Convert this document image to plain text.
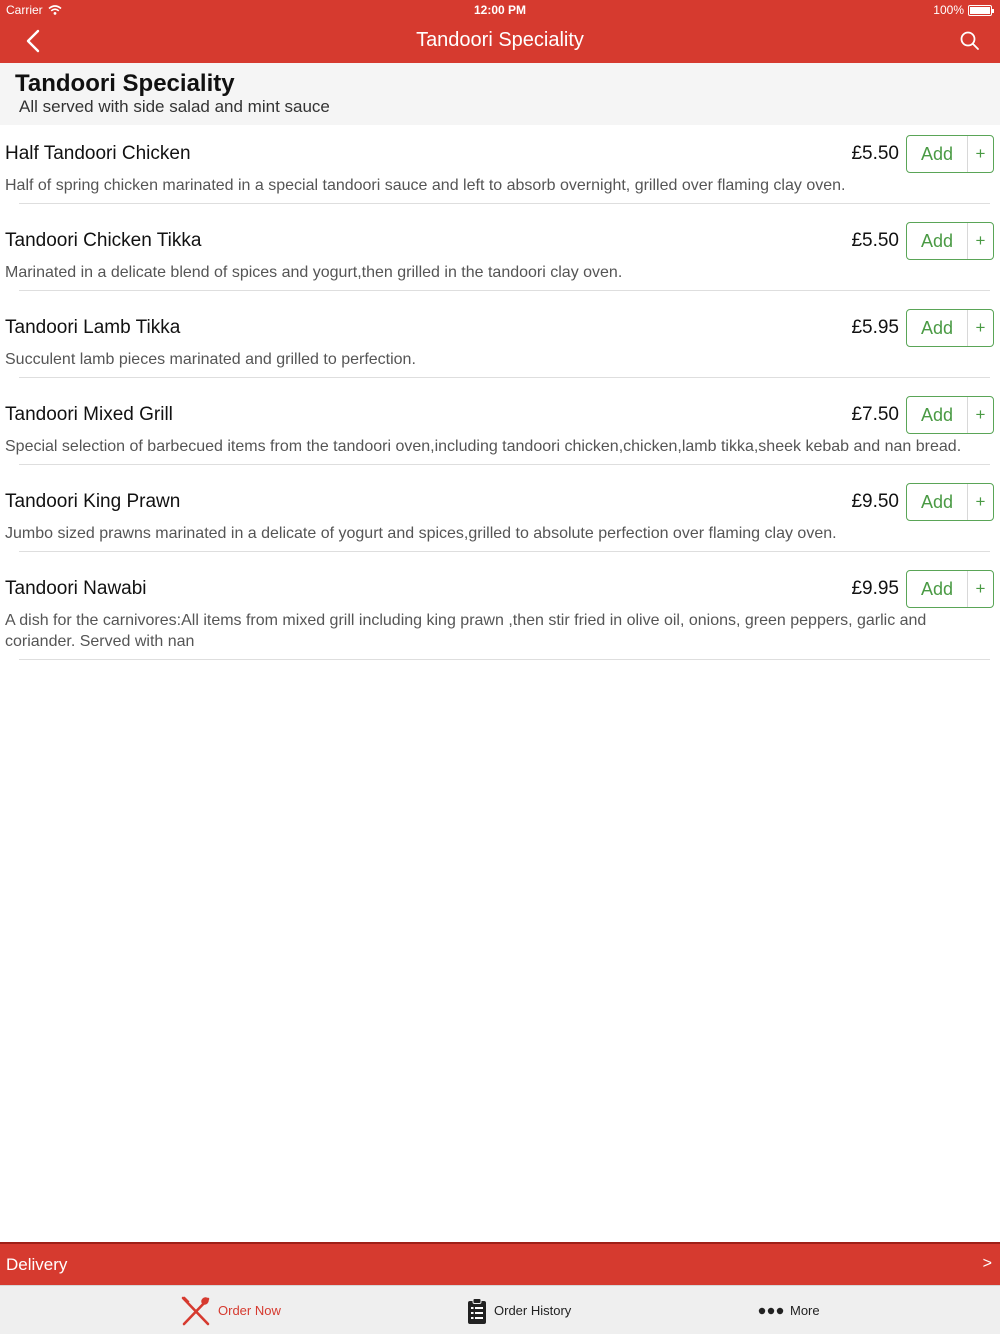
Carrier	12:00 PM	100%
Tandoori Speciality
Tandoori Speciality
All served with side salad and mint sauce
Half Tandoori Chicken	£5.50	Add	+
Half of spring chicken marinated in a special tandoori sauce and left to absorb overnight, grilled over flaming clay oven.
Tandoori Chicken Tikka	£5.50	Add	+
Marinated in a delicate blend of spices and yogurt,then grilled in the tandoori clay oven.
Tandoori Lamb Tikka	£5.95	Add	+
Succulent lamb pieces marinated and grilled to perfection.
Tandoori Mixed Grill	£7.50	Add	+
Special selection of barbecued items from the tandoori oven,including tandoori chicken,chicken,lamb tikka,sheek kebab and nan bread.
Tandoori King Prawn	£9.50	Add	+
Jumbo sized prawns marinated in a delicate of yogurt and spices,grilled to absolute perfection over flaming clay oven.
Tandoori Nawabi	£9.95	Add	+
A dish for the carnivores:All items from mixed grill including king prawn ,then stir fried in olive oil, onions, green peppers, garlic and coriander. Served with nan
Delivery	>
Order Now	Order History	More
